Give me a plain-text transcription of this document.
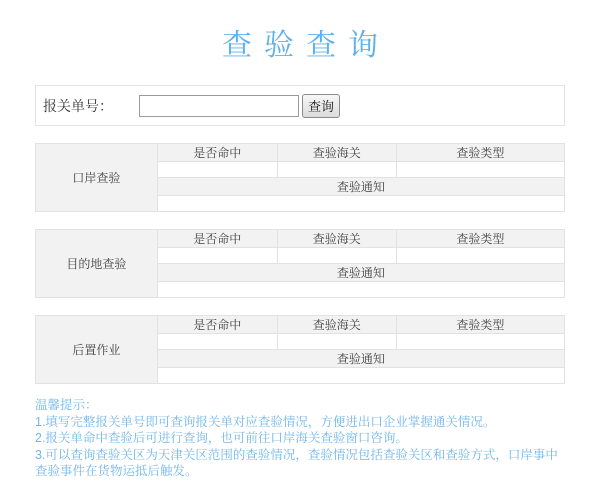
查验查询
报关单号：	查询
口岸查验	是否命中	查验海关	查验类型

	查验通知		

目的地查验	是否命中	查验海关	查验类型

	查验通知		

后置作业	是否命中	查验海关	查验类型

	查验通知		

温馨提示：
1.填写完整报关单号即可查询报关单对应查验情况，方便进出口企业掌握通关情况。
2.报关单命中查验后可进行查询，也可前往口岸海关查验窗口咨询。
3.可以查询查验关区为天津关区范围的查验情况，查验情况包括查验关区和查验方式，口岸事中查验事件在货物运抵后触发。
